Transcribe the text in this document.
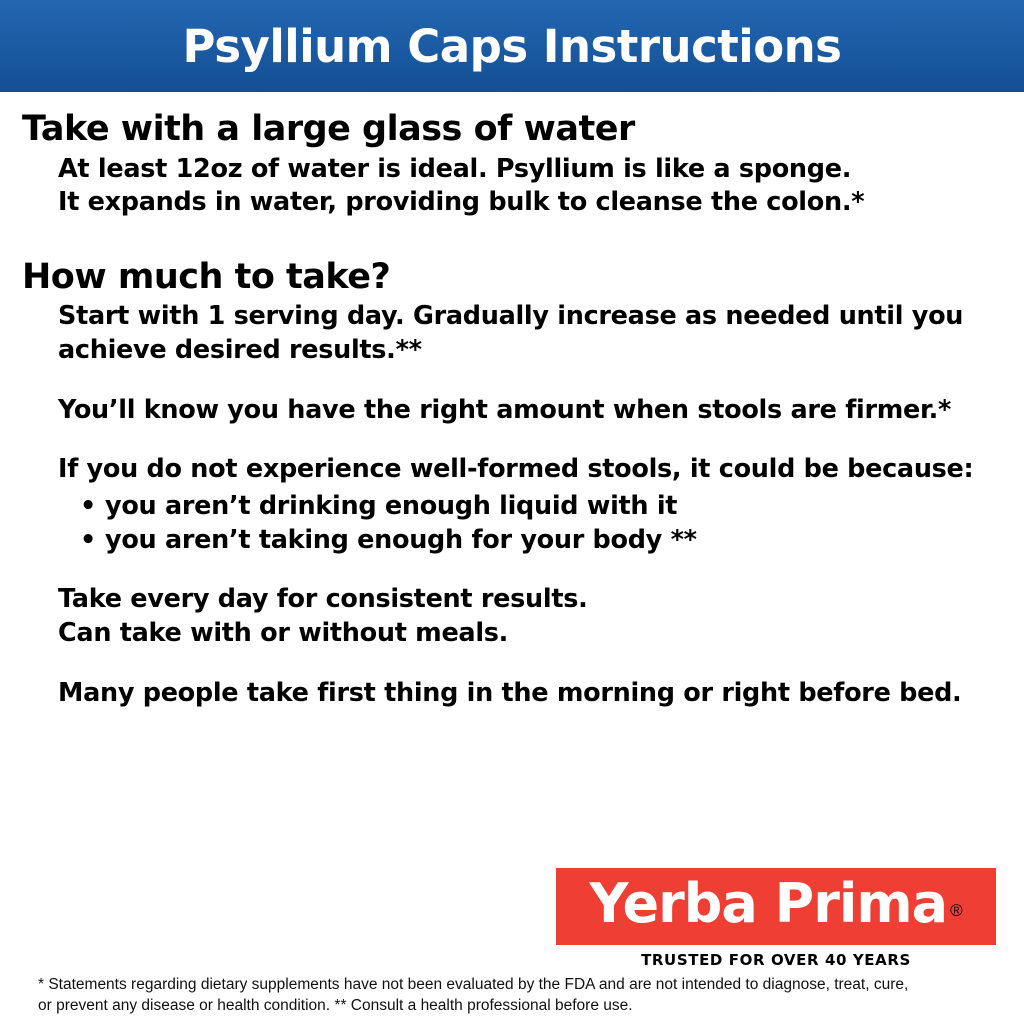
Psyllium Caps Instructions
Take with a large glass of water
At least 12oz of water is ideal. Psyllium is like a sponge.
It expands in water, providing bulk to cleanse the colon.*
How much to take?
Start with 1 serving day. Gradually increase as needed until you achieve desired results.**
You’ll know you have the right amount when stools are firmer.*
If you do not experience well-formed stools, it could be because:
• you aren’t drinking enough liquid with it
• you aren’t taking enough for your body **
Take every day for consistent results.
Can take with or without meals.
Many people take first thing in the morning or right before bed.
Yerba Prima ®
TRUSTED FOR OVER 40 YEARS
* Statements regarding dietary supplements have not been evaluated by the FDA and are not intended to diagnose, treat, cure,
or prevent any disease or health condition. ** Consult a health professional before use.
